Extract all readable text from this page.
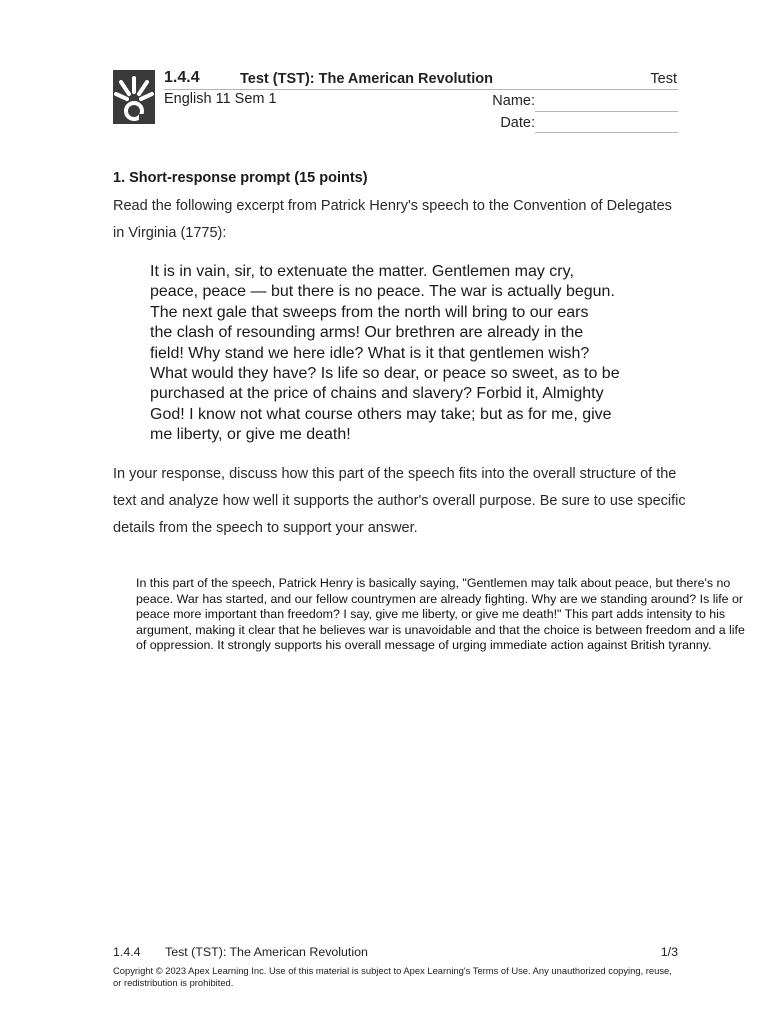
1.4.4	Test (TST): The American Revolution	Test
English 11 Sem 1	Name:
Date:
1. Short-response prompt (15 points)
Read the following excerpt from Patrick Henry's speech to the Convention of Delegates in Virginia (1775):
It is in vain, sir, to extenuate the matter. Gentlemen may cry,
peace, peace — but there is no peace. The war is actually begun.
The next gale that sweeps from the north will bring to our ears
the clash of resounding arms! Our brethren are already in the
field! Why stand we here idle? What is it that gentlemen wish?
What would they have? Is life so dear, or peace so sweet, as to be
purchased at the price of chains and slavery? Forbid it, Almighty
God! I know not what course others may take; but as for me, give
me liberty, or give me death!
In your response, discuss how this part of the speech fits into the overall structure of the text and analyze how well it supports the author's overall purpose. Be sure to use specific details from the speech to support your answer.
In this part of the speech, Patrick Henry is basically saying, "Gentlemen may talk about peace, but there's no peace. War has started, and our fellow countrymen are already fighting. Why are we standing around? Is life or peace more important than freedom? I say, give me liberty, or give me death!" This part adds intensity to his argument, making it clear that he believes war is unavoidable and that the choice is between freedom and a life of oppression. It strongly supports his overall message of urging immediate action against British tyranny.
1.4.4 Test (TST): The American Revolution	1/3
Copyright © 2023 Apex Learning Inc. Use of this material is subject to Apex Learning's Terms of Use. Any unauthorized copying, reuse, or redistribution is prohibited.
